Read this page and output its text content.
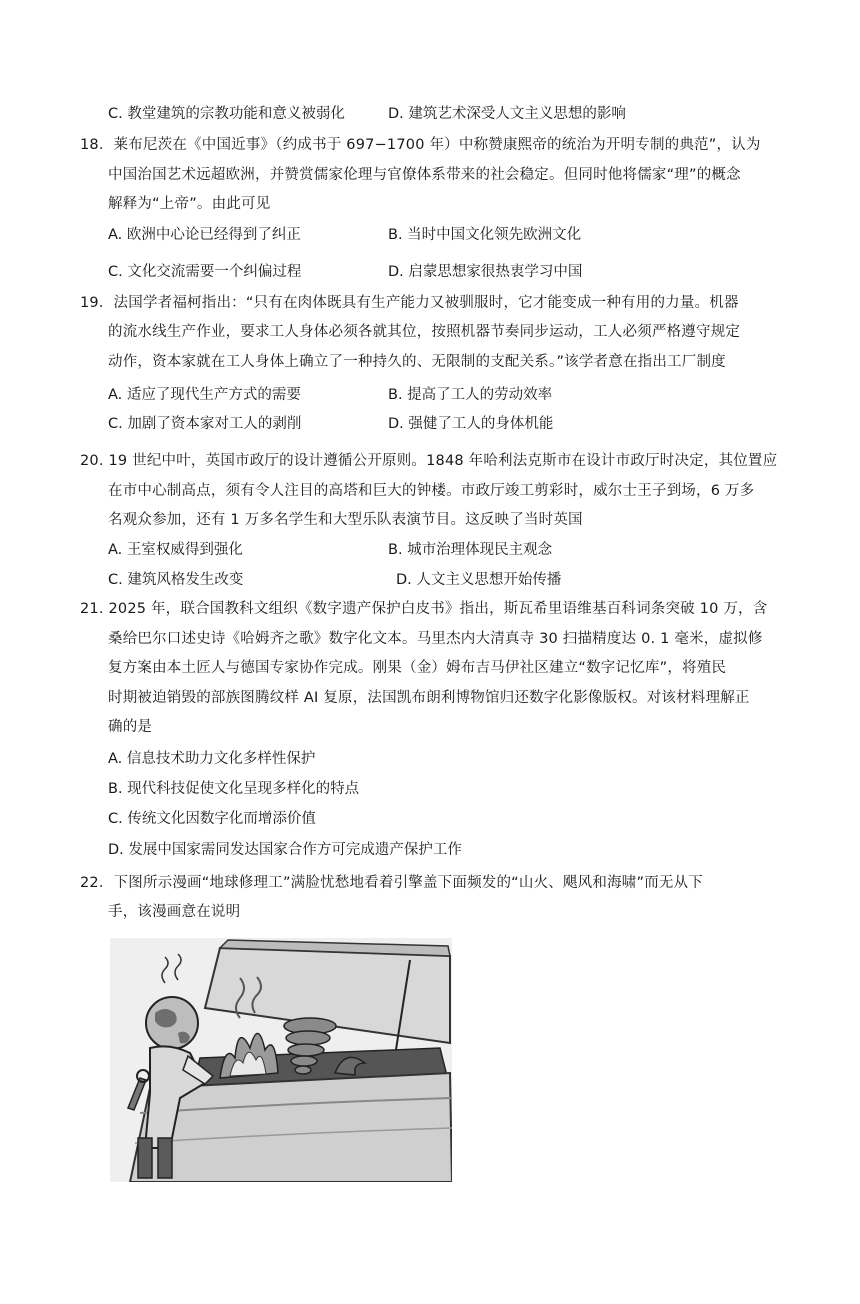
C. 教堂建筑的宗教功能和意义被弱化	D. 建筑艺术深受人文主义思想的影响
18．莱布尼茨在《中国近事》（约成书于 697−1700 年）中称赞康熙帝的统治为开明专制的典范”，认为
中国治国艺术远超欧洲，并赞赏儒家伦理与官僚体系带来的社会稳定。但同时他将儒家“理”的概念
解释为“上帝”。由此可见
A. 欧洲中心论已经得到了纠正	B. 当时中国文化领先欧洲文化
C. 文化交流需要一个纠偏过程	D. 启蒙思想家很热衷学习中国
19．法国学者福柯指出：“只有在肉体既具有生产能力又被驯服时，它才能变成一种有用的力量。机器
的流水线生产作业，要求工人身体必须各就其位，按照机器节奏同步运动，工人必须严格遵守规定
动作，资本家就在工人身体上确立了一种持久的、无限制的支配关系。”该学者意在指出工厂制度
A. 适应了现代生产方式的需要	B. 提高了工人的劳动效率
C. 加剧了资本家对工人的剥削	D. 强健了工人的身体机能
20. 19 世纪中叶，英国市政厅的设计遵循公开原则。1848 年哈利法克斯市在设计市政厅时决定，其位置应
在市中心制高点，须有令人注目的高塔和巨大的钟楼。市政厅竣工剪彩时，威尔士王子到场，6 万多
名观众参加，还有 1 万多名学生和大型乐队表演节目。这反映了当时英国
A. 王室权威得到强化	B. 城市治理体现民主观念
C. 建筑风格发生改变	D. 人文主义思想开始传播
21. 2025 年，联合国教科文组织《数字遗产保护白皮书》指出，斯瓦希里语维基百科词条突破 10 万，含
桑给巴尔口述史诗《哈姆齐之歌》数字化文本。马里杰内大清真寺 30 扫描精度达 0. 1 毫米，虚拟修
复方案由本土匠人与德国专家协作完成。刚果（金）姆布吉马伊社区建立“数字记忆库”，将殖民
时期被迫销毁的部族图腾纹样 AI 复原，法国凯布朗利博物馆归还数字化影像版权。对该材料理解正
确的是
A. 信息技术助力文化多样性保护
B. 现代科技促使文化呈现多样化的特点
C. 传统文化因数字化而增添价值
D. 发展中国家需同发达国家合作方可完成遗产保护工作
22．下图所示漫画“地球修理工”满脸忧愁地看着引擎盖下面频发的“山火、飓风和海啸”而无从下
手，该漫画意在说明
